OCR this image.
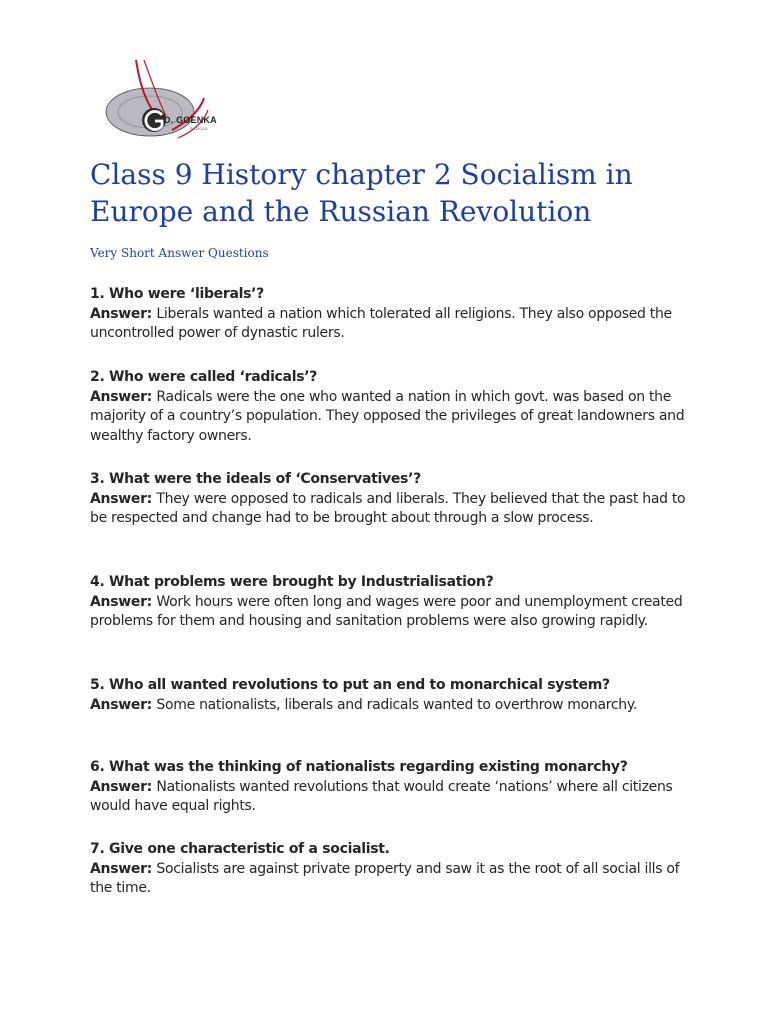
D. GOENKA
SCHOOL
Class 9 History chapter 2 Socialism in Europe and the Russian Revolution

Very Short Answer Questions

1. Who were ‘liberals’?
Answer: Liberals wanted a nation which tolerated all religions. They also opposed the uncontrolled power of dynastic rulers.
2. Who were called ‘radicals’?
Answer: Radicals were the one who wanted a nation in which govt. was based on the majority of a country’s population. They opposed the privileges of great landowners and wealthy factory owners.
3. What were the ideals of ‘Conservatives’?
Answer: They were opposed to radicals and liberals. They believed that the past had to be respected and change had to be brought about through a slow process.
4. What problems were brought by Industrialisation?
Answer: Work hours were often long and wages were poor and unemployment created problems for them and housing and sanitation problems were also growing rapidly.
5. Who all wanted revolutions to put an end to monarchical system?
Answer: Some nationalists, liberals and radicals wanted to overthrow monarchy.
6. What was the thinking of nationalists regarding existing monarchy?
Answer: Nationalists wanted revolutions that would create ‘nations’ where all citizens would have equal rights.
7. Give one characteristic of a socialist.
Answer: Socialists are against private property and saw it as the root of all social ills of the time.
